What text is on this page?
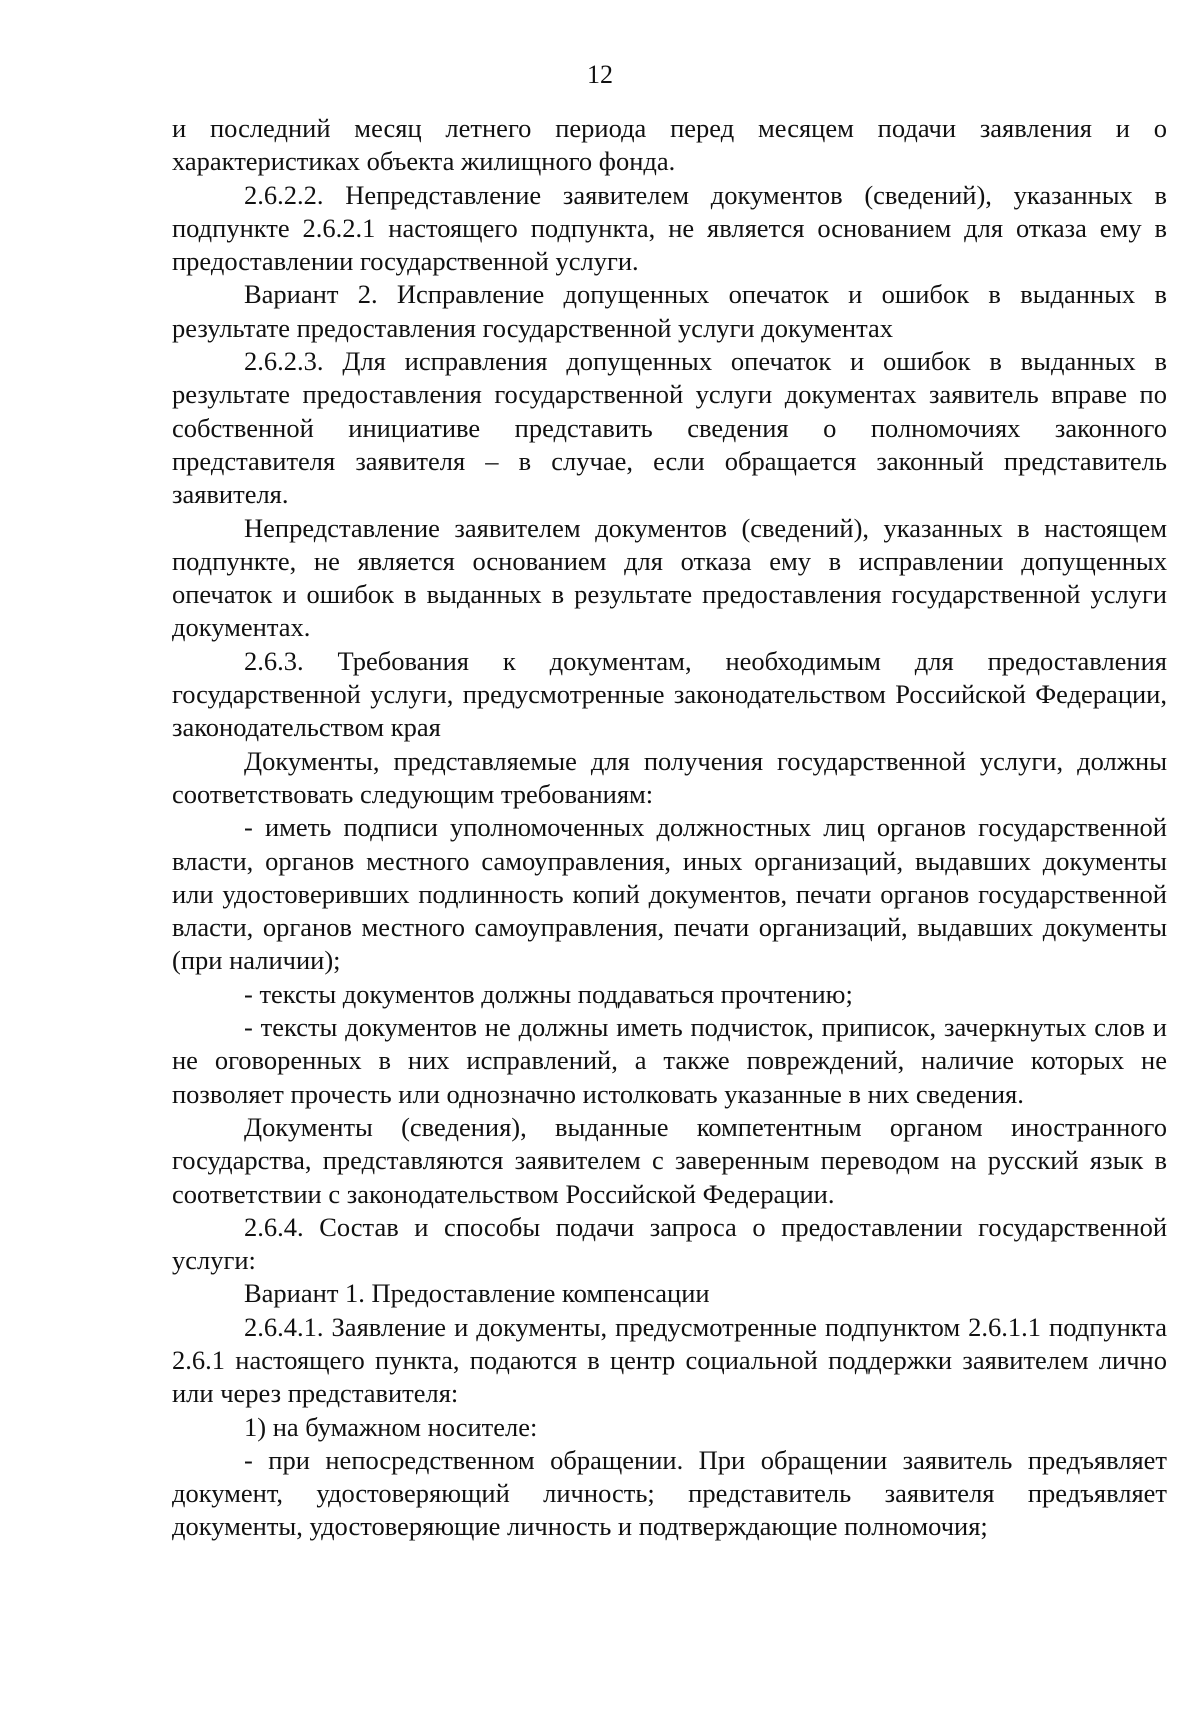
12

и последний месяц летнего периода перед месяцем подачи заявления и о характеристиках объекта жилищного фонда.

2.6.2.2. Непредставление заявителем документов (сведений), указанных в подпункте 2.6.2.1 настоящего подпункта, не является основанием для отказа ему в предоставлении государственной услуги.

Вариант 2. Исправление допущенных опечаток и ошибок в выданных в результате предоставления государственной услуги документах

2.6.2.3. Для исправления допущенных опечаток и ошибок в выданных в результате предоставления государственной услуги документах заявитель вправе по собственной инициативе представить сведения о полномочиях законного представителя заявителя – в случае, если обращается законный представитель заявителя.

Непредставление заявителем документов (сведений), указанных в настоящем подпункте, не является основанием для отказа ему в исправлении допущенных опечаток и ошибок в выданных в результате предоставления государственной услуги документах.

2.6.3. Требования к документам, необходимым для предоставления государственной услуги, предусмотренные законодательством Российской Федерации, законодательством края

Документы, представляемые для получения государственной услуги, должны соответствовать следующим требованиям:

- иметь подписи уполномоченных должностных лиц органов государственной власти, органов местного самоуправления, иных организаций, выдавших документы или удостоверивших подлинность копий документов, печати органов государственной власти, органов местного самоуправления, печати организаций, выдавших документы (при наличии);

- тексты документов должны поддаваться прочтению;

- тексты документов не должны иметь подчисток, приписок, зачеркнутых слов и не оговоренных в них исправлений, а также повреждений, наличие которых не позволяет прочесть или однозначно истолковать указанные в них сведения.

Документы (сведения), выданные компетентным органом иностранного государства, представляются заявителем с заверенным переводом на русский язык в соответствии с законодательством Российской Федерации.

2.6.4. Состав и способы подачи запроса о предоставлении государственной услуги:

Вариант 1. Предоставление компенсации

2.6.4.1. Заявление и документы, предусмотренные подпунктом 2.6.1.1 подпункта 2.6.1 настоящего пункта, подаются в центр социальной поддержки заявителем лично или через представителя:

1) на бумажном носителе:

- при непосредственном обращении. При обращении заявитель предъявляет документ, удостоверяющий личность; представитель заявителя предъявляет документы, удостоверяющие личность и подтверждающие полномочия;
